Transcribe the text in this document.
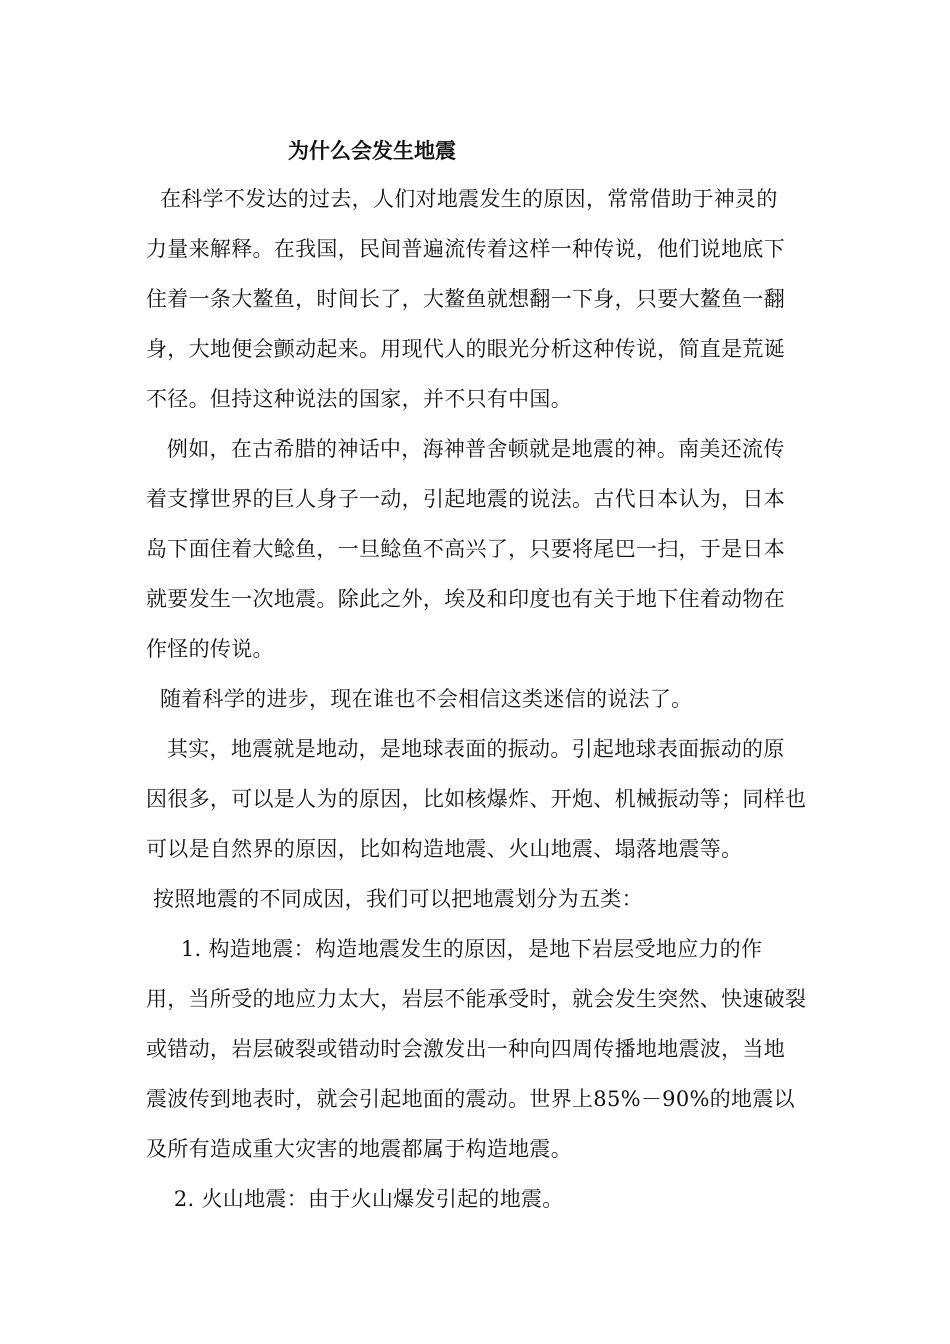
为什么会发生地震
在科学不发达的过去，人们对地震发生的原因，常常借助于神灵的
力量来解释。在我国，民间普遍流传着这样一种传说，他们说地底下
住着一条大鳌鱼，时间长了，大鳌鱼就想翻一下身，只要大鳌鱼一翻
身，大地便会颤动起来。用现代人的眼光分析这种传说，简直是荒诞
不径。但持这种说法的国家，并不只有中国。
例如，在古希腊的神话中，海神普舍顿就是地震的神。南美还流传
着支撑世界的巨人身子一动，引起地震的说法。古代日本认为，日本
岛下面住着大鲶鱼，一旦鲶鱼不高兴了，只要将尾巴一扫，于是日本
就要发生一次地震。除此之外，埃及和印度也有关于地下住着动物在
作怪的传说。
随着科学的进步，现在谁也不会相信这类迷信的说法了。
其实，地震就是地动，是地球表面的振动。引起地球表面振动的原
因很多，可以是人为的原因，比如核爆炸、开炮、机械振动等；同样也
可以是自然界的原因，比如构造地震、火山地震、塌落地震等。
按照地震的不同成因，我们可以把地震划分为五类：
1. 构造地震：构造地震发生的原因，是地下岩层受地应力的作
用，当所受的地应力太大，岩层不能承受时，就会发生突然、快速破裂
或错动，岩层破裂或错动时会激发出一种向四周传播地地震波，当地
震波传到地表时，就会引起地面的震动。世界上85%－90%的地震以
及所有造成重大灾害的地震都属于构造地震。
2. 火山地震：由于火山爆发引起的地震。
